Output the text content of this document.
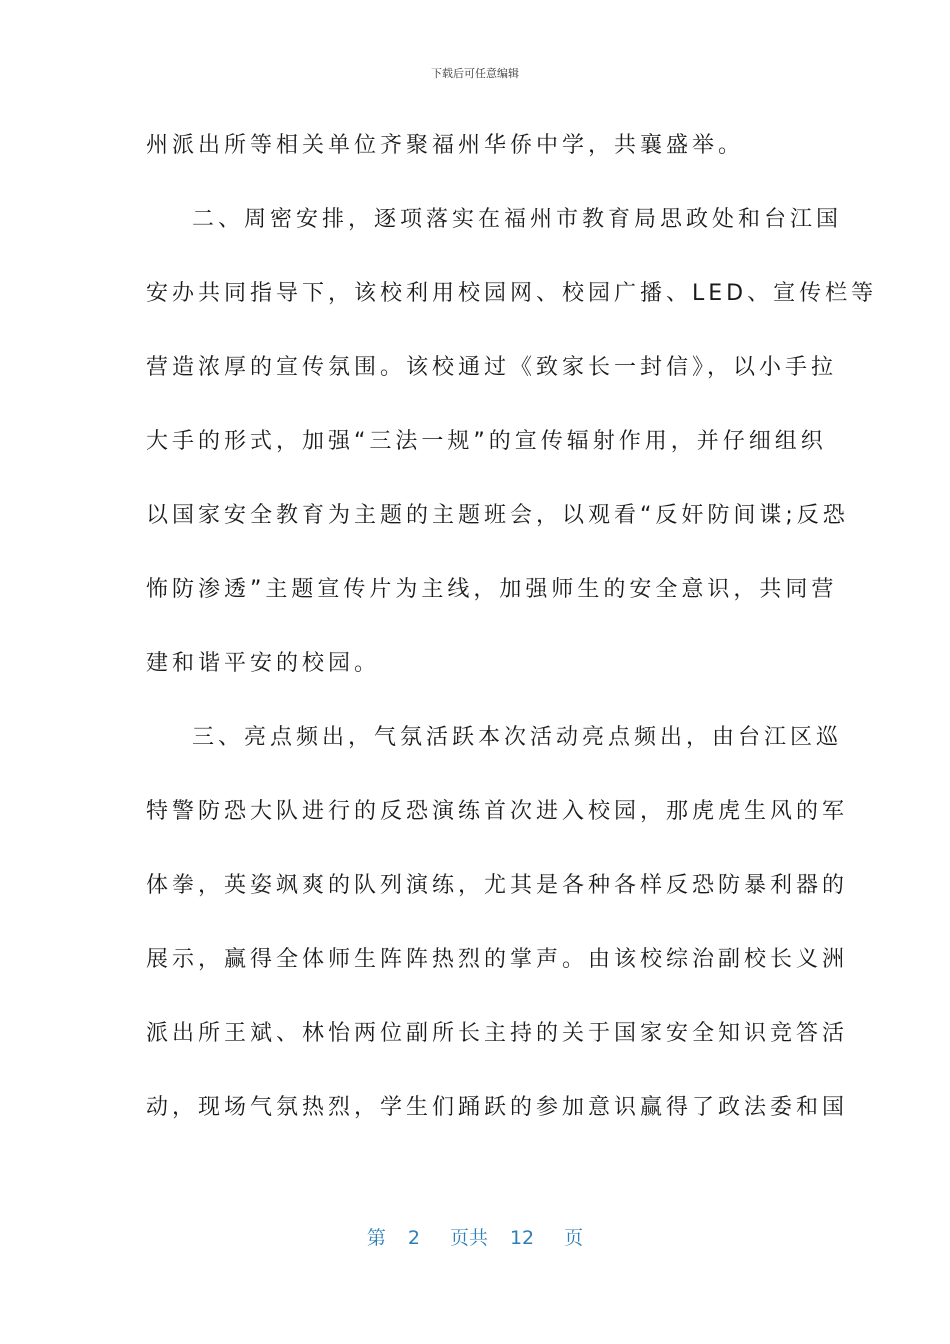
下载后可任意编辑
州派出所等相关单位齐聚福州华侨中学，共襄盛举。
二、周密安排，逐项落实在福州市教育局思政处和台江国
安办共同指导下，该校利用校园网、校园广播、LED、宣传栏等
营造浓厚的宣传氛围。该校通过《致家长一封信》，以小手拉
大手的形式，加强“三法一规”的宣传辐射作用，并仔细组织
以国家安全教育为主题的主题班会，以观看“反奸防间谍;反恐
怖防渗透”主题宣传片为主线，加强师生的安全意识，共同营
建和谐平安的校园。
三、亮点频出，气氛活跃本次活动亮点频出，由台江区巡
特警防恐大队进行的反恐演练首次进入校园，那虎虎生风的军
体拳，英姿飒爽的队列演练，尤其是各种各样反恐防暴利器的
展示，赢得全体师生阵阵热烈的掌声。由该校综治副校长义洲
派出所王斌、林怡两位副所长主持的关于国家安全知识竞答活
动，现场气氛热烈，学生们踊跃的参加意识赢得了政法委和国
第 2 页共 12 页
